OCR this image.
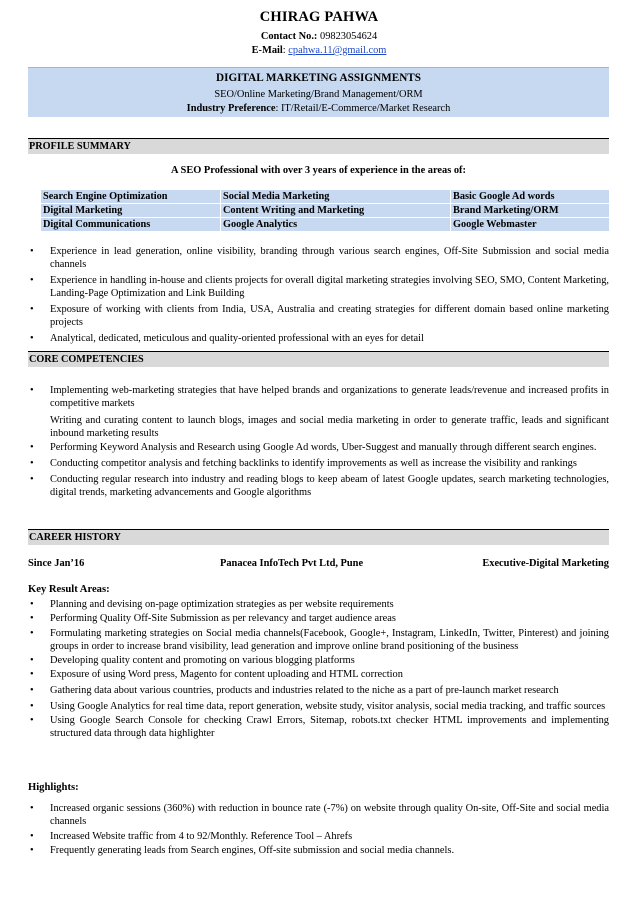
CHIRAG PAHWA
Contact No.: 09823054624
E-Mail: cpahwa.11@gmail.com
DIGITAL MARKETING ASSIGNMENTS
SEO/Online Marketing/Brand Management/ORM
Industry Preference: IT/Retail/E-Commerce/Market Research
PROFILE SUMMARY
A SEO Professional with over 3 years of experience in the areas of:
Search Engine Optimization	Social Media Marketing	Basic Google Ad words
Digital Marketing	Content Writing and Marketing	Brand Marketing/ORM
Digital Communications	Google Analytics	Google Webmaster
• Experience in lead generation, online visibility, branding through various search engines, Off-Site Submission and social media channels
• Experience in handling in-house and clients projects for overall digital marketing strategies involving SEO, SMO, Content Marketing, Landing-Page Optimization and Link Building
• Exposure of working with clients from India, USA, Australia and creating strategies for different domain based online marketing projects
• Analytical, dedicated, meticulous and quality-oriented professional with an eyes for detail
CORE COMPETENCIES
• Implementing web-marketing strategies that have helped brands and organizations to generate leads/revenue and increased profits in competitive markets
Writing and curating content to launch blogs, images and social media marketing in order to generate traffic, leads and significant inbound marketing results
• Performing Keyword Analysis and Research using Google Ad words, Uber-Suggest and manually through different search engines.
• Conducting competitor analysis and fetching backlinks to identify improvements as well as increase the visibility and rankings
• Conducting regular research into industry and reading blogs to keep abeam of latest Google updates, search marketing technologies, digital trends, marketing advancements and Google algorithms
CAREER HISTORY
Since Jan’16	Panacea InfoTech Pvt Ltd, Pune	Executive-Digital Marketing
Key Result Areas:
• Planning and devising on-page optimization strategies as per website requirements
• Performing Quality Off-Site Submission as per relevancy and target audience areas
• Formulating marketing strategies on Social media channels(Facebook, Google+, Instagram, LinkedIn, Twitter, Pinterest) and joining groups in order to increase brand visibility, lead generation and improve online brand positioning of the business
• Developing quality content and promoting on various blogging platforms
• Exposure of using Word press, Magento for content uploading and HTML correction
• Gathering data about various countries, products and industries related to the niche as a part of pre-launch market research
• Using Google Analytics for real time data, report generation, website study, visitor analysis, social media tracking, and traffic sources
• Using Google Search Console for checking Crawl Errors, Sitemap, robots.txt checker HTML improvements and implementing structured data through data highlighter
Highlights:
• Increased organic sessions (360%) with reduction in bounce rate (-7%) on website through quality On-site, Off-Site and social media channels
• Increased Website traffic from 4 to 92/Monthly. Reference Tool – Ahrefs
• Frequently generating leads from Search engines, Off-site submission and social media channels.
